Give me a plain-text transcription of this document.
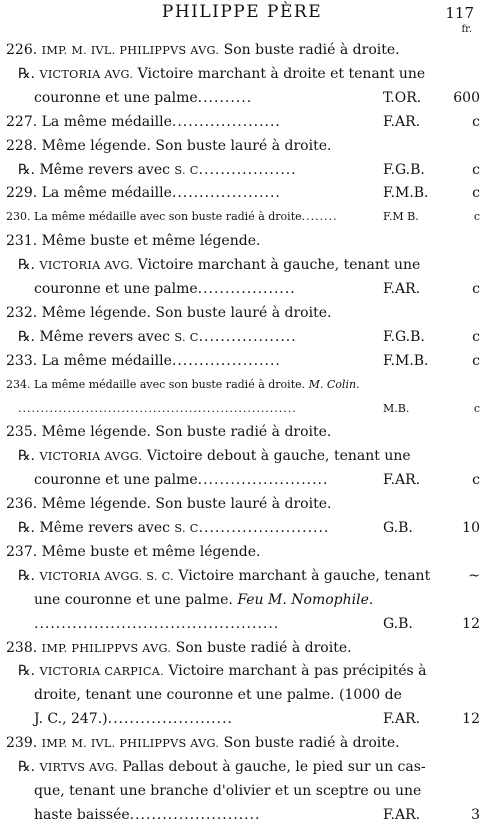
PHILIPPE PÈRE	117
fr.
226. IMP. M. IVL. PHILIPPVS AVG. Son buste radié à droite.
℞. VICTORIA AVG. Victoire marchant à droite et tenant une
couronne et une palme..........	T.OR.	600
227. La même médaille....................	F.AR.	c
228. Même légende. Son buste lauré à droite.
℞. Même revers avec S. C..................	F.G.B.	c
229. La même médaille....................	F.M.B.	c
230. La même médaille avec son buste radié à droite........	F.M B.	c
231. Même buste et même légende.
℞. VICTORIA AVG. Victoire marchant à gauche, tenant une
couronne et une palme..................	F.AR.	c
232. Même légende. Son buste lauré à droite.
℞. Même revers avec S. C..................	F.G.B.	c
233. La même médaille....................	F.M.B.	c
234. La même médaille avec son buste radié à droite. M. Colin.
..............................................................	M.B.	c
235. Même légende. Son buste radié à droite.
℞. VICTORIA AVGG. Victoire debout à gauche, tenant une
couronne et une palme........................	F.AR.	c
236. Même légende. Son buste lauré à droite.
℞. Même revers avec S. C........................	G.B.	10
237. Même buste et même légende.
℞. VICTORIA AVGG. S. C. Victoire marchant à gauche, tenant	~
une couronne et une palme. Feu M. Nomophile.
.............................................	G.B.	12
238. IMP. PHILIPPVS AVG. Son buste radié à droite.
℞. VICTORIA CARPICA. Victoire marchant à pas précipités à
droite, tenant une couronne et une palme. (1000 de
J. C., 247.).......................	F.AR.	12
239. IMP. M. IVL. PHILIPPVS AVG. Son buste radié à droite.
℞. VIRTVS AVG. Pallas debout à gauche, le pied sur un cas-
que, tenant une branche d'olivier et un sceptre ou une
haste baissée........................	F.AR.	3
